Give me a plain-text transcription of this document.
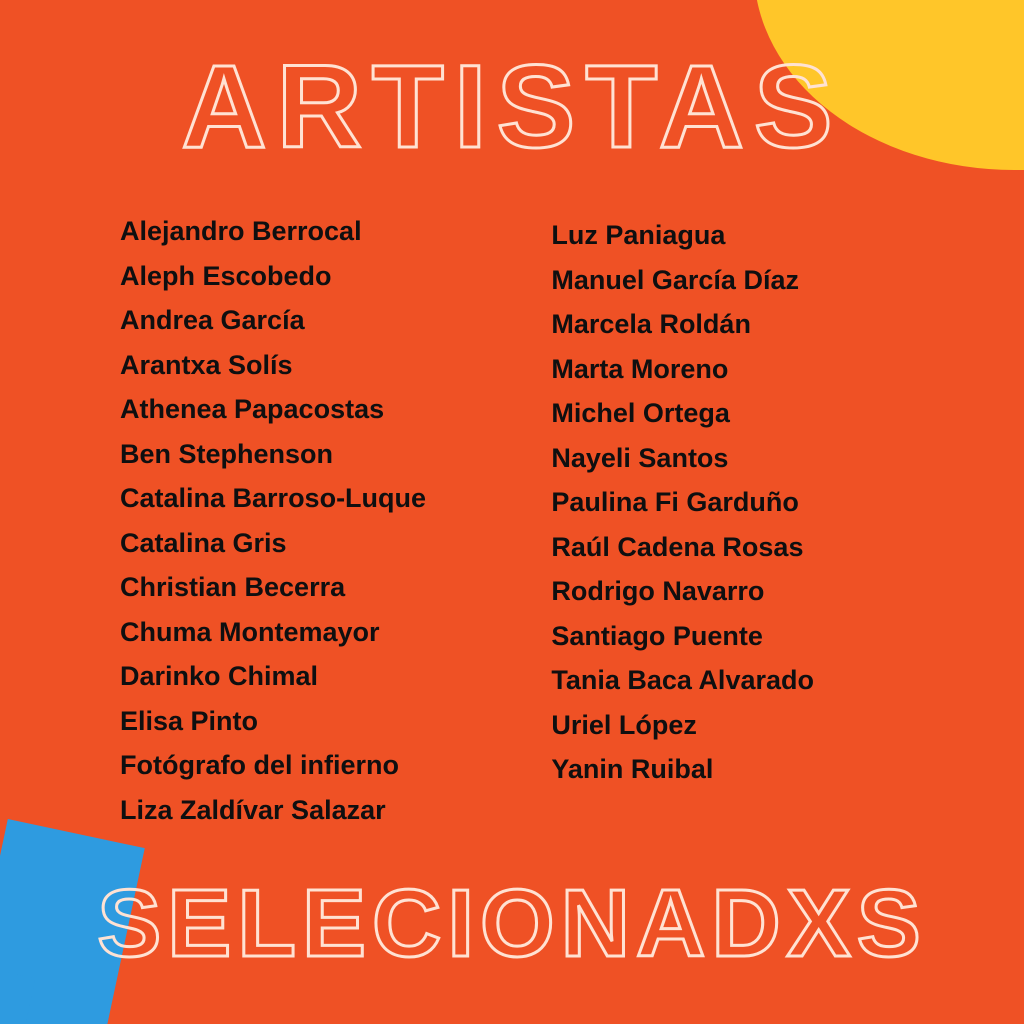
ARTISTAS
Alejandro Berrocal
Aleph Escobedo
Andrea García
Arantxa Solís
Athenea Papacostas
Ben Stephenson
Catalina Barroso-Luque
Catalina Gris
Christian Becerra
Chuma Montemayor
Darinko Chimal
Elisa Pinto
Fotógrafo del infierno
Liza Zaldívar Salazar
Luz Paniagua
Manuel García Díaz
Marcela Roldán
Marta Moreno
Michel Ortega
Nayeli Santos
Paulina Fi Garduño
Raúl Cadena Rosas
Rodrigo Navarro
Santiago Puente
Tania Baca Alvarado
Uriel López
Yanin Ruibal
SELECIONADXS
